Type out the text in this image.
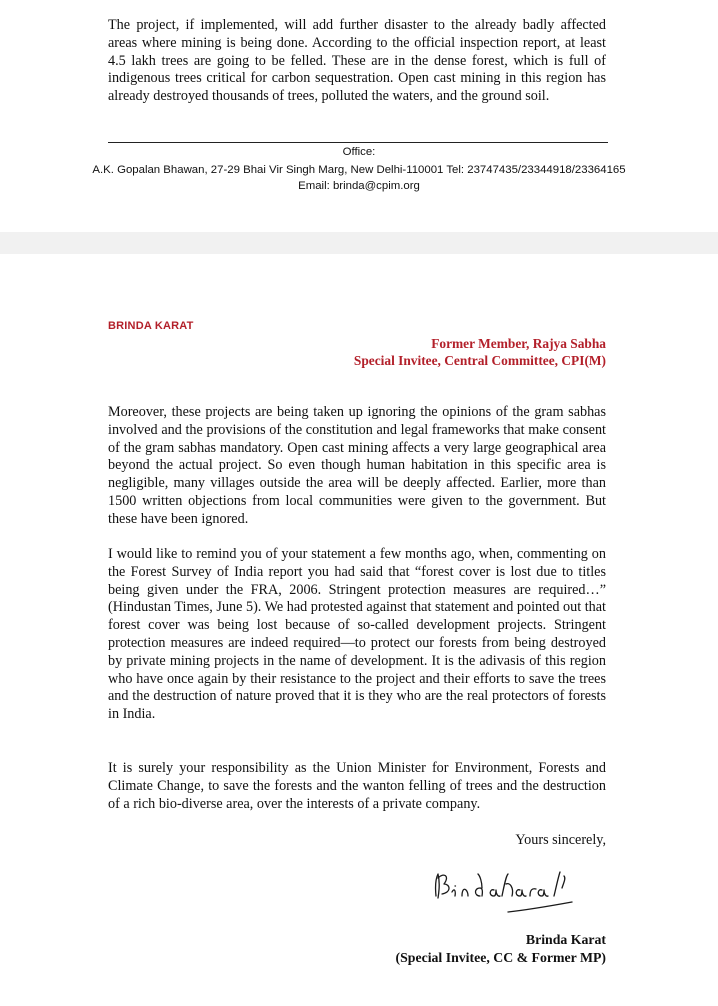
The project, if implemented, will add further disaster to the already badly affected areas where mining is being done. According to the official inspection report, at least 4.5 lakh trees are going to be felled. These are in the dense forest, which is full of indigenous trees critical for carbon sequestration. Open cast mining in this region has already destroyed thousands of trees, polluted the waters, and the ground soil.

Office:

A.K. Gopalan Bhawan, 27-29 Bhai Vir Singh Marg, New Delhi-110001 Tel: 23747435/23344918/23364165

Email: brinda@cpim.org

BRINDA KARAT
Former Member, Rajya Sabha
Special Invitee, Central Committee, CPI(M)

Moreover, these projects are being taken up ignoring the opinions of the gram sabhas involved and the provisions of the constitution and legal frameworks that make consent of the gram sabhas mandatory. Open cast mining affects a very large geographical area beyond the actual project. So even though human habitation in this specific area is negligible, many villages outside the area will be deeply affected. Earlier, more than 1500 written objections from local communities were given to the government. But these have been ignored.

I would like to remind you of your statement a few months ago, when, commenting on the Forest Survey of India report you had said that “forest cover is lost due to titles being given under the FRA, 2006. Stringent protection measures are required…” (Hindustan Times, June 5). We had protested against that statement and pointed out that forest cover was being lost because of so-called development projects. Stringent protection measures are indeed required—to protect our forests from being destroyed by private mining projects in the name of development. It is the adivasis of this region who have once again by their resistance to the project and their efforts to save the trees and the destruction of nature proved that it is they who are the real protectors of forests in India.

It is surely your responsibility as the Union Minister for Environment, Forests and Climate Change, to save the forests and the wanton felling of trees and the destruction of a rich bio-diverse area, over the interests of a private company.

Yours sincerely,
Brinda Karat
(Special Invitee, CC & Former MP)
